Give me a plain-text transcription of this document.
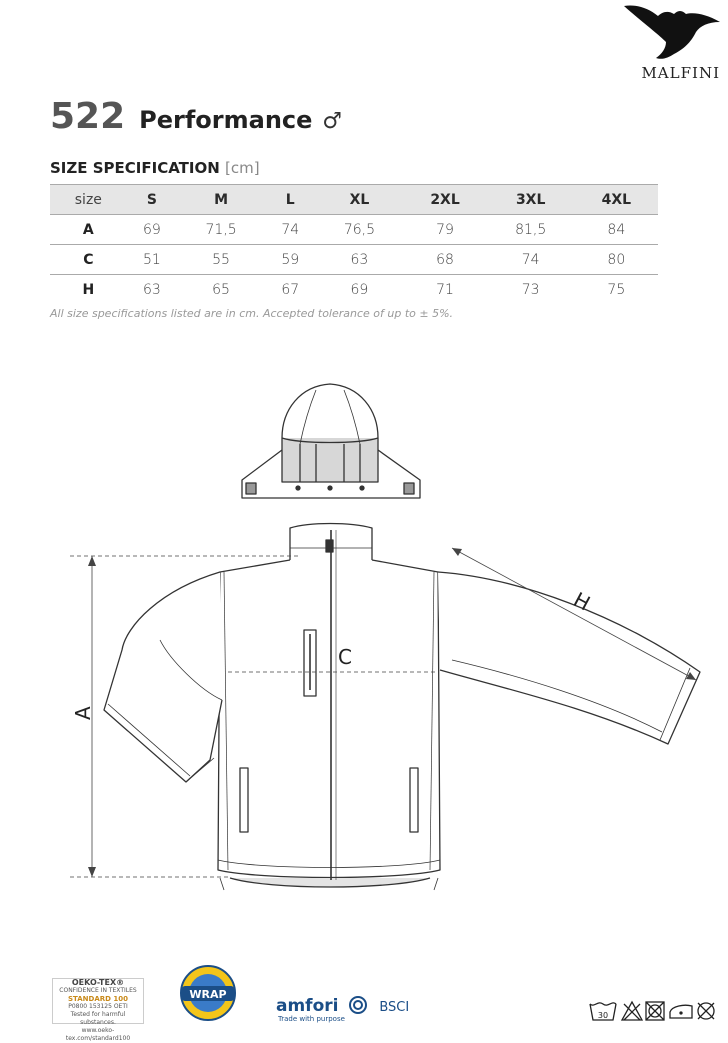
MALFINI
522 Performance ♂
SIZE SPECIFICATION [cm]
size	S	M	L	XL	2XL	3XL	4XL
A	69	71,5	74	76,5	79	81,5	84
C	51	55	59	63	68	74	80
H	63	65	67	69	71	73	75
All size specifications listed are in cm. Accepted tolerance of up to ± 5%.
A
C
H
OEKO-TEX®
CONFIDENCE IN TEXTILES
STANDARD 100
P0800 153125 OETI
Tested for harmful substances.
www.oeko-tex.com/standard100
WRAP
amfori	BSCI
Trade with purpose	30
